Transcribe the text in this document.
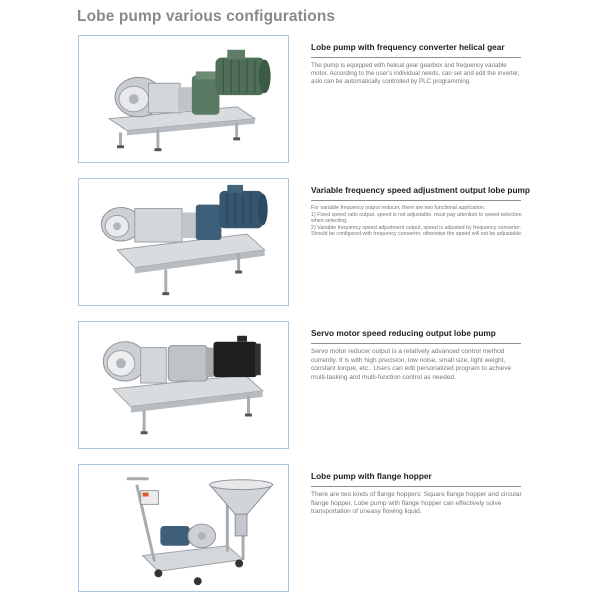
Lobe pump various configurations
Lobe pump with frequency converter helical gear

The pump is equipped with helical gear gearbox and frequency variable motor. According to the user's individual needs, can set and edit the inverter, aslo can be automatically controlled by PLC programming.

Variable frequency speed adjustment output lobe pump

For variable frequency output reducer, there are two functional application.

1) Fixed speed ratio output, speed is not adjustable, must pay attention to speed selection when selecting.

2) Variable frequency speed adjustment output, speed is adjusted by frequency converter. Should be configured with frequency converter, otherwise the speed will not be adjustable.

Servo motor speed reducing output lobe pump

Servo motor reducer output is a relatively advanced control method currently. It is with high precision, low noise, small size, light weight, constant torque, etc.. Users can edit personalized program to achieve multi-tasking and multi-function control as needed.

Lobe pump with flange hopper

There are two kinds of flange hoppers: Square flange hopper and circular flange hopper. Lobe pump with flange hopper can effectively solve transportation of uneasy flowing liquid.
